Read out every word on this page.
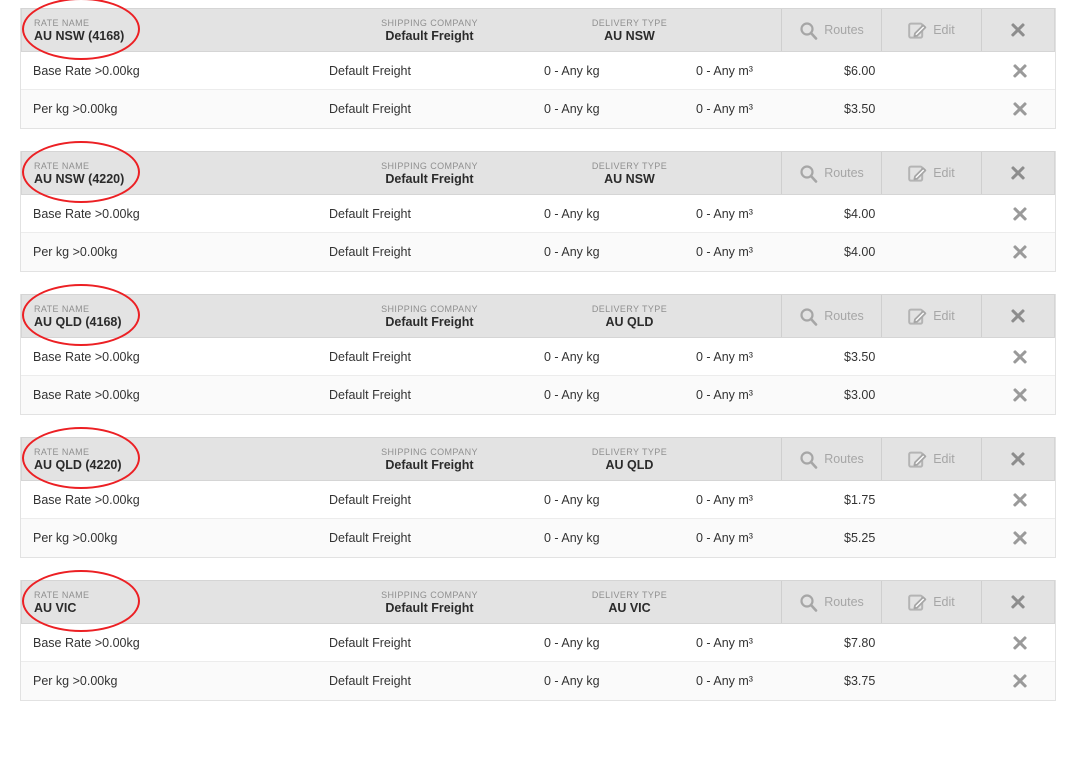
RATE NAME
AU NSW (4168)
SHIPPING COMPANY
Default Freight
DELIVERY TYPE
AU NSW	Routes	Edit
Base Rate >0.00kg	Default Freight	0 - Any kg	0 - Any m³	$6.00
Per kg >0.00kg	Default Freight	0 - Any kg	0 - Any m³	$3.50
RATE NAME
AU NSW (4220)
SHIPPING COMPANY
Default Freight
DELIVERY TYPE
AU NSW	Routes	Edit
Base Rate >0.00kg	Default Freight	0 - Any kg	0 - Any m³	$4.00
Per kg >0.00kg	Default Freight	0 - Any kg	0 - Any m³	$4.00
RATE NAME
AU QLD (4168)
SHIPPING COMPANY
Default Freight
DELIVERY TYPE
AU QLD	Routes	Edit
Base Rate >0.00kg	Default Freight	0 - Any kg	0 - Any m³	$3.50
Base Rate >0.00kg	Default Freight	0 - Any kg	0 - Any m³	$3.00
RATE NAME
AU QLD (4220)
SHIPPING COMPANY
Default Freight
DELIVERY TYPE
AU QLD	Routes	Edit
Base Rate >0.00kg	Default Freight	0 - Any kg	0 - Any m³	$1.75
Per kg >0.00kg	Default Freight	0 - Any kg	0 - Any m³	$5.25
RATE NAME
AU VIC
SHIPPING COMPANY
Default Freight
DELIVERY TYPE
AU VIC	Routes	Edit
Base Rate >0.00kg	Default Freight	0 - Any kg	0 - Any m³	$7.80
Per kg >0.00kg	Default Freight	0 - Any kg	0 - Any m³	$3.75
